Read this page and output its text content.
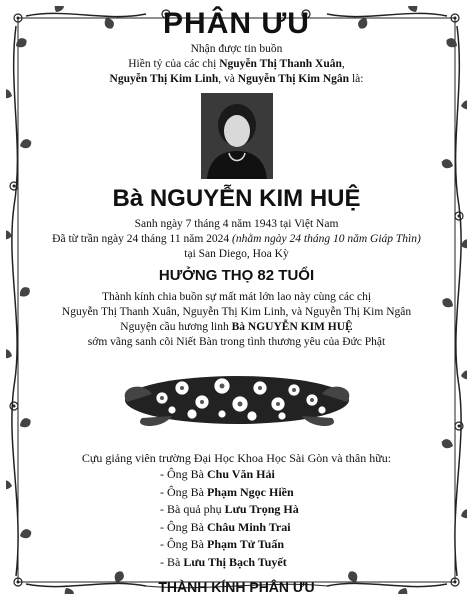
PHÂN ƯU
Nhận được tin buồn
Hiền tỷ của các chị Nguyễn Thị Thanh Xuân,
Nguyễn Thị Kim Linh, và Nguyễn Thị Kim Ngân là:
Bà NGUYỄN KIM HUỆ
Sanh ngày 7 tháng 4 năm 1943 tại Việt Nam
Đã từ trần ngày 24 tháng 11 năm 2024 (nhằm ngày 24 tháng 10 năm Giáp Thìn)
tại San Diego, Hoa Kỳ
HƯỞNG THỌ 82 TUỔI
Thành kính chia buồn sự mất mát lớn lao này cùng các chị
Nguyễn Thị Thanh Xuân, Nguyễn Thị Kim Linh, và Nguyễn Thị Kim Ngân
Nguyện cầu hương linh Bà NGUYỄN KIM HUỆ
sớm vãng sanh cõi Niết Bàn trong tình thương yêu của Đức Phật
Cựu giảng viên trường Đại Học Khoa Học Sài Gòn và thân hữu:
- Ông Bà Chu Văn Hải
- Ông Bà Phạm Ngọc Hiền
- Bà quả phụ Lưu Trọng Hà
- Ông Bà Châu Minh Trai
- Ông Bà Phạm Tử Tuấn
- Bà Lưu Thị Bạch Tuyết
THÀNH KÍNH PHÂN ƯU
